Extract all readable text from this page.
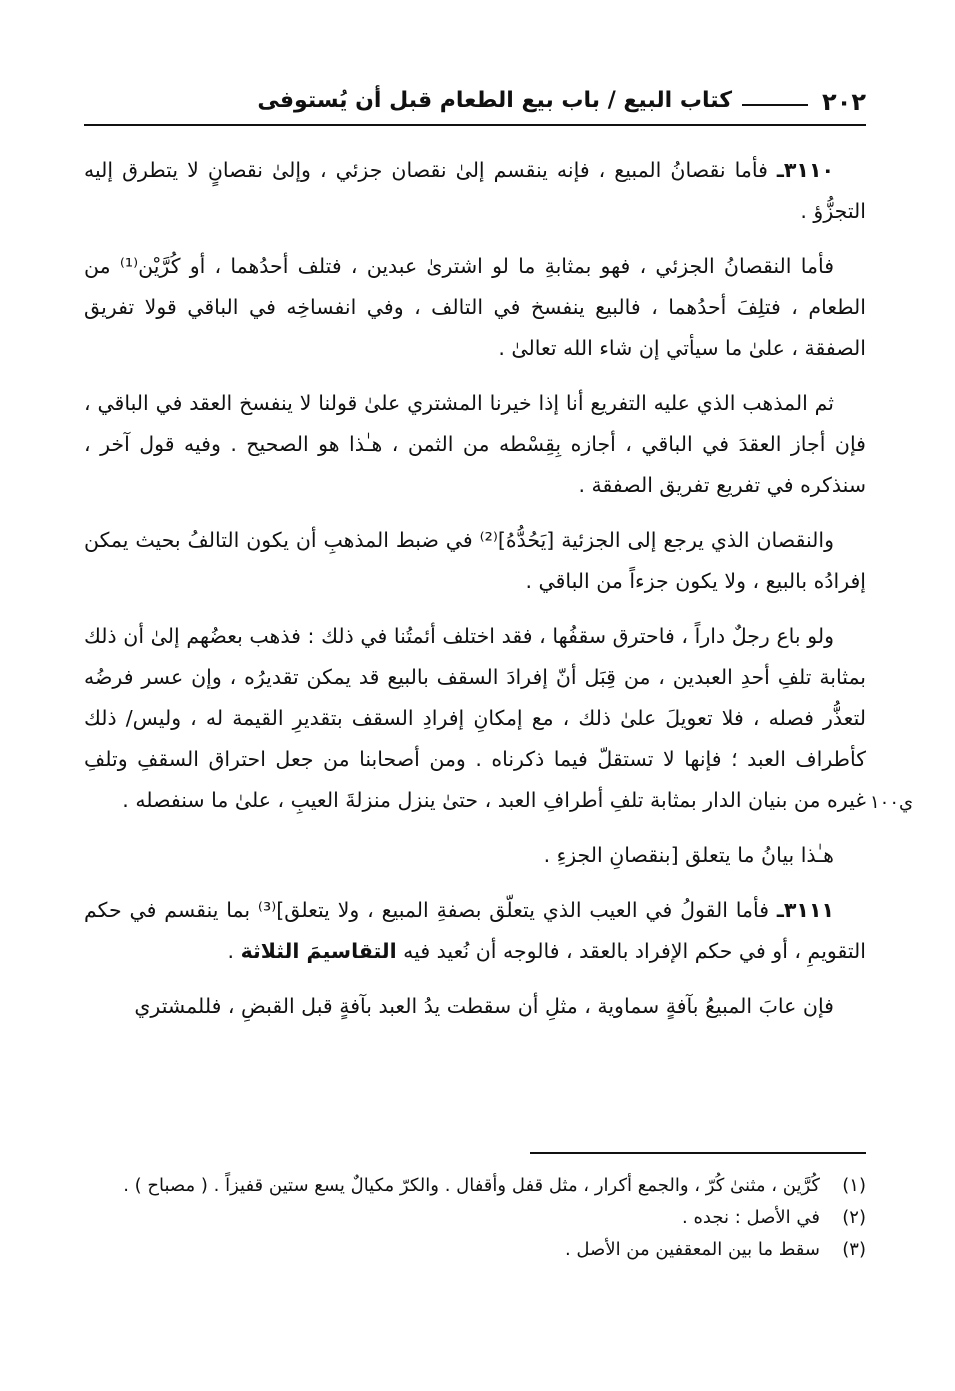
٢٠٢
كتاب البيع / باب بيع الطعام قبل أن يُستوفى

٣١١٠ـ فأما نقصانُ المبيع ، فإنه ينقسم إلىٰ نقصان جزئي ، وإلىٰ نقصانٍ لا يتطرق إليه التجزُّؤ .

فأما النقصانُ الجزئي ، فهو بمثابةِ ما لو اشترىٰ عبدين ، فتلف أحدُهما ، أو كُرَّيْن⁽¹⁾ من الطعام ، فتلِفَ أحدُهما ، فالبيع ينفسخ في التالف ، وفي انفساخِه في الباقي قولا تفريق الصفقة ، علىٰ ما سيأتي إن شاء الله تعالىٰ .

ثم المذهب الذي عليه التفريع أنا إذا خيرنا المشتري علىٰ قولنا لا ينفسخ العقد في الباقي ، فإن أجاز العقدَ في الباقي ، أجازه بِقِسْطه من الثمن ، هـٰذا هو الصحيح . وفيه قول آخر ، سنذكره في تفريع تفريق الصفقة .

والنقصان الذي يرجع إلى الجزئية [يَحُدُّهُ]⁽²⁾ في ضبط المذهبِ أن يكون التالفُ بحيث يمكن إفرادُه بالبيع ، ولا يكون جزءاً من الباقي .

ولو باع رجلٌ داراً ، فاحترق سقفُها ، فقد اختلف أئمتُنا في ذلك : فذهب بعضُهم إلىٰ أن ذلك بمثابة تلفِ أحدِ العبدين ، من قِبَل أنّ إفرادَ السقف بالبيع قد يمكن تقديرُه ، وإن عسر فرضُه لتعذُّر فصله ، فلا تعويلَ علىٰ ذلك ، مع إمكانِ إفرادِ السقف بتقديرِ القيمة له ، وليس/ ذلك كأطراف العبد ؛ فإنها لا تستقلّ فيما ذكرناه . ومن أصحابنا من جعل احتراق السقفِ وتلفِ غيره من بنيان الدار بمثابة تلفِ أطرافِ العبد ، حتىٰ ينزل منزلةَ العيبِ ، علىٰ ما سنفصله .

هـٰذا بيانُ ما يتعلق [بنقصانِ الجزءِ .

٣١١١ـ فأما القولُ في العيب الذي يتعلّق بصفةِ المبيع ، ولا يتعلق]⁽³⁾ بما ينقسم في حكم التقويمِ ، أو في حكم الإفراد بالعقد ، فالوجه أن نُعيد فيه التقاسيمَ الثلاثة .

فإن عابَ المبيعُ بآفةٍ سماوية ، مثلِ أن سقطت يدُ العبد بآفةٍ قبل القبضِ ، فللمشتري

ي١٠٠
(١)
كُرَّين ، مثنىٰ كُرّ ، والجمع أكرار ، مثل قفل وأقفال . والكرّ مكيالٌ يسع ستين قفيزاً . ( مصباح ) .
(٢)
في الأصل : نجده .
(٣)
سقط ما بين المعقفين من الأصل .
